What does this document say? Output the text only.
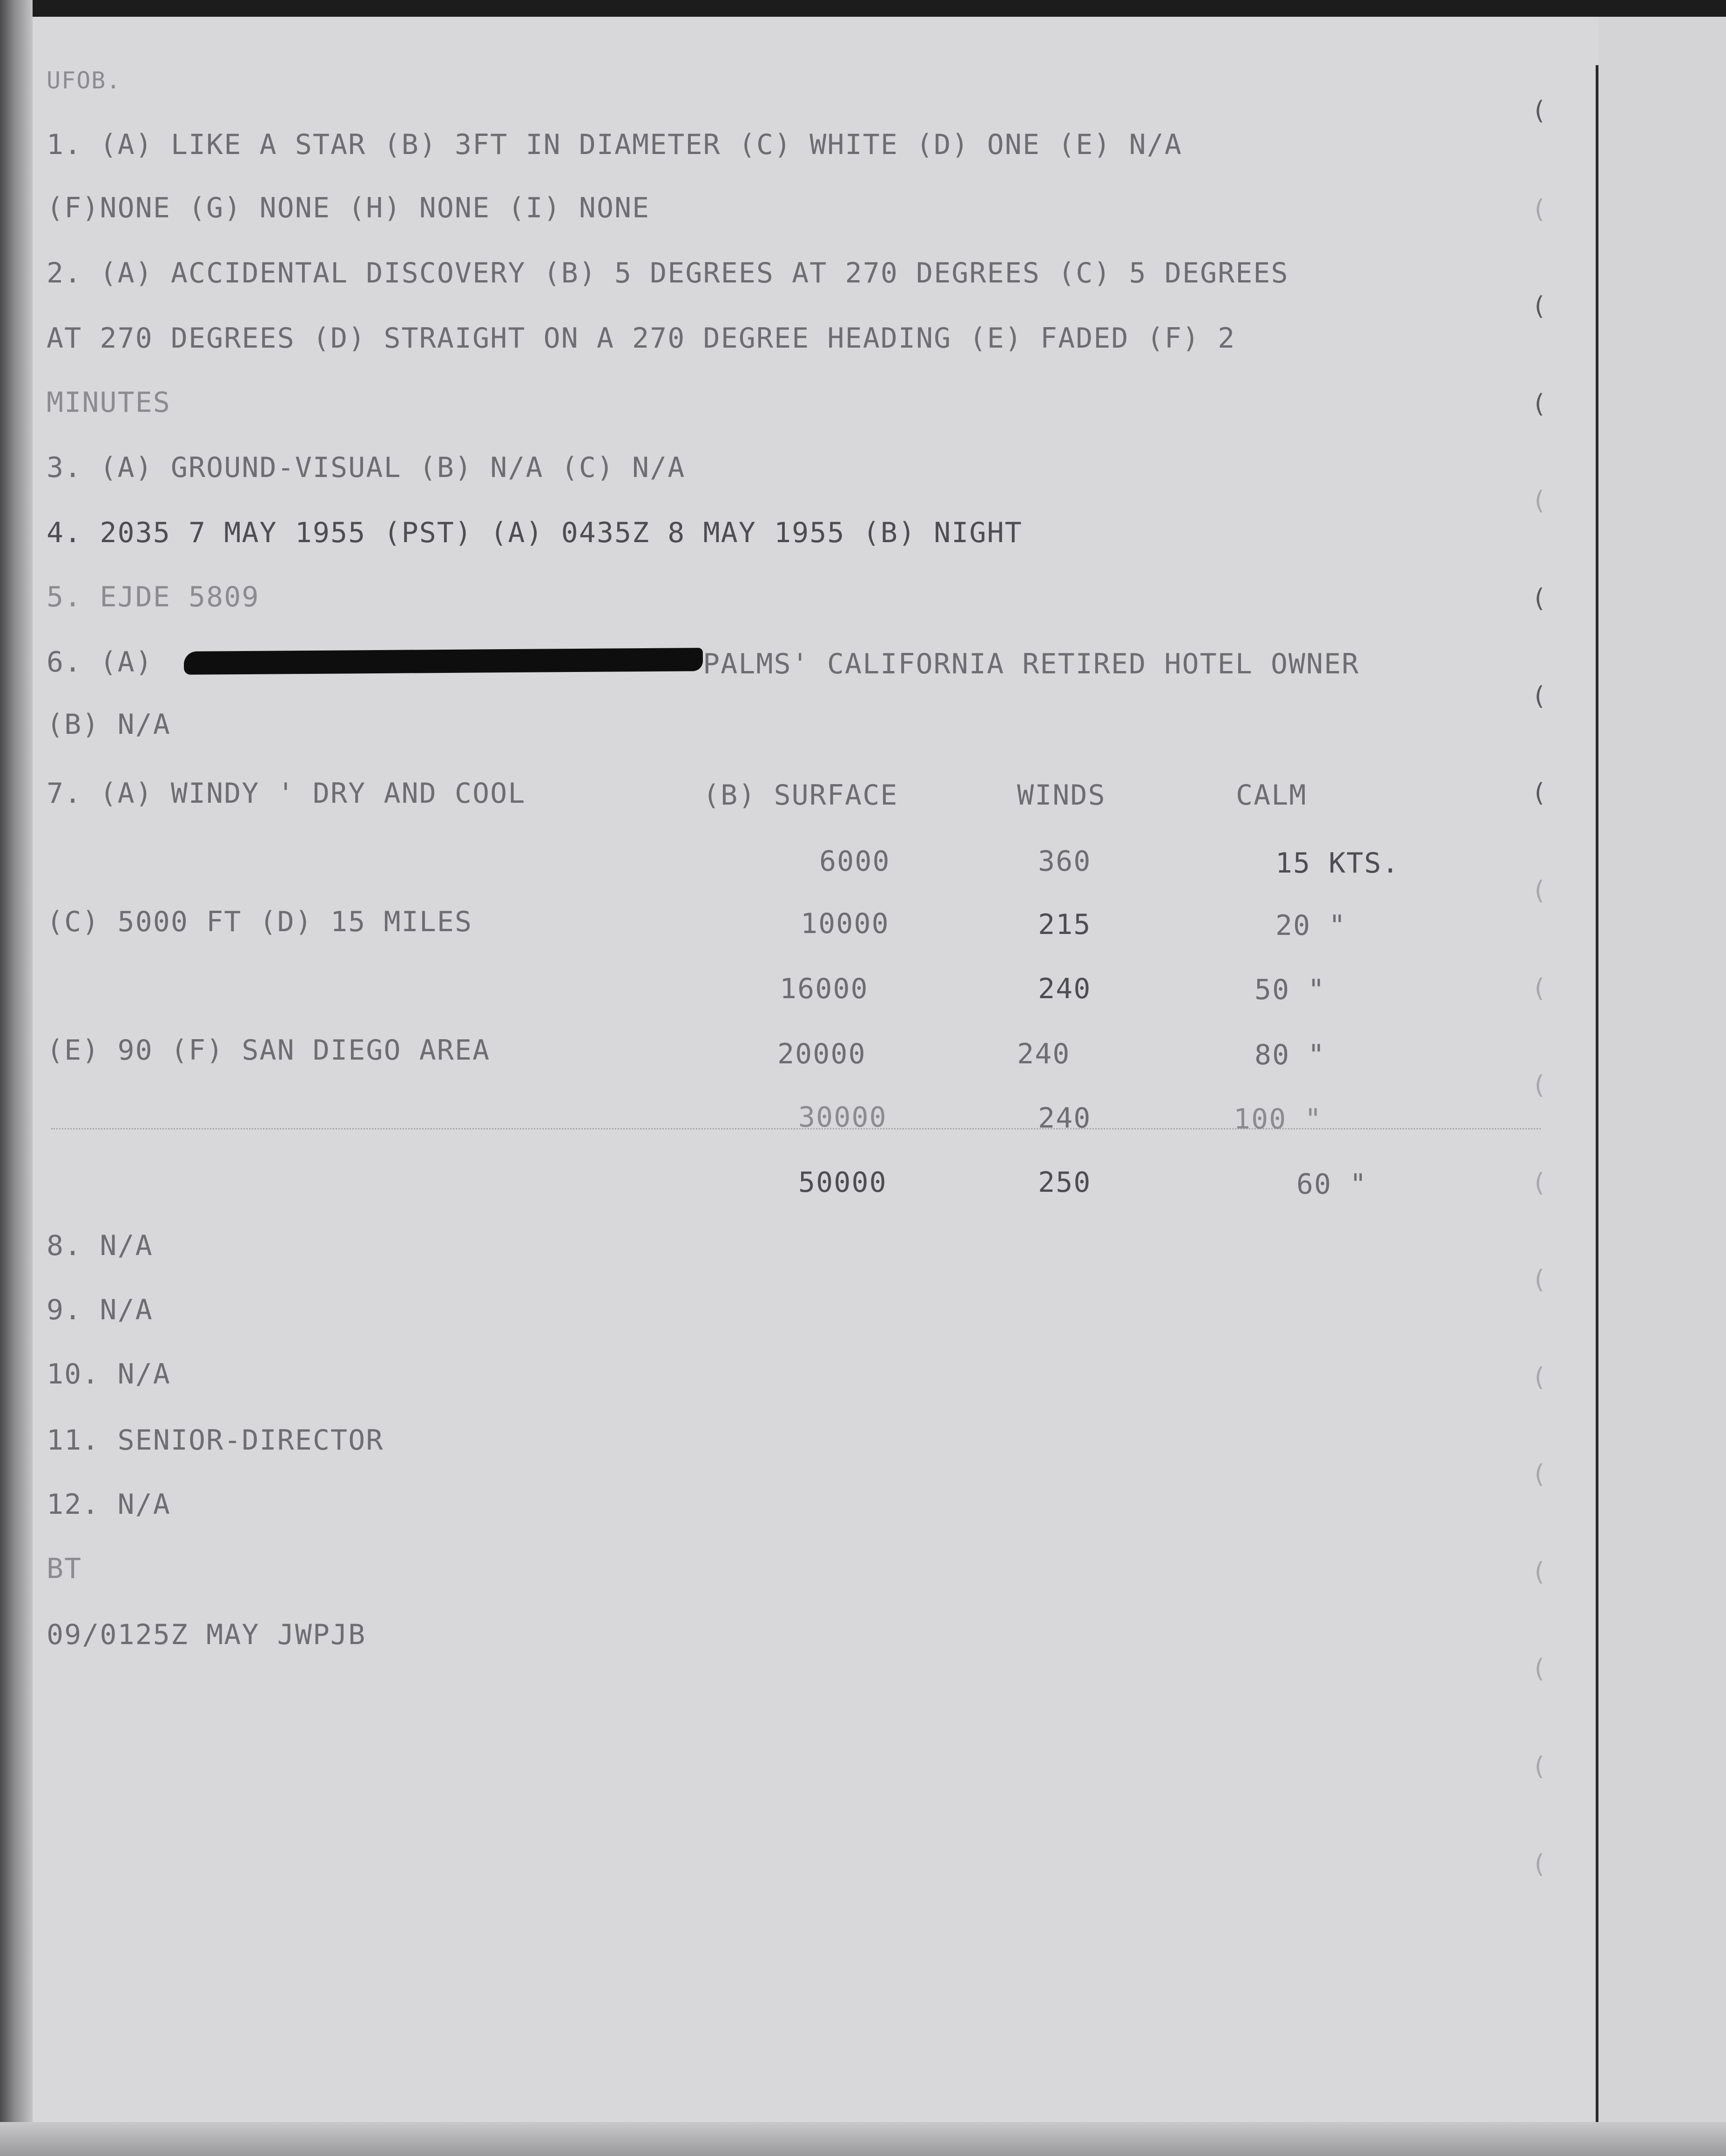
UFOB.
1. (A) LIKE A STAR (B) 3FT IN DIAMETER (C) WHITE (D) ONE (E) N/A
(F)NONE (G) NONE (H) NONE (I) NONE
2. (A) ACCIDENTAL DISCOVERY (B) 5 DEGREES AT 270 DEGREES (C) 5 DEGREES
AT 270 DEGREES (D) STRAIGHT ON A 270 DEGREE HEADING (E) FADED (F) 2
MINUTES
3. (A) GROUND-VISUAL (B) N/A (C) N/A
4. 2035 7 MAY 1955 (PST) (A) 0435Z 8 MAY 1955 (B) NIGHT
5. EJDE 5809
6. (A)	PALMS' CALIFORNIA RETIRED HOTEL OWNER
(B) N/A
7. (A) WINDY ' DRY AND COOL
(C) 5000 FT (D) 15 MILES
(E) 90 (F) SAN DIEGO AREA
(B) SURFACE	WINDS	CALM
6000	360	15 KTS.
10000	215	20 "
16000	240	50 "
20000	240	80 "
30000	240	100 "
50000	250	60 "
8. N/A
9. N/A
10. N/A
11. SENIOR-DIRECTOR
12. N/A
BT
09/0125Z MAY JWPJB
(
(
(
(
(
(
(
(
(
(
(
(
(
(
(
(
(
(
(
